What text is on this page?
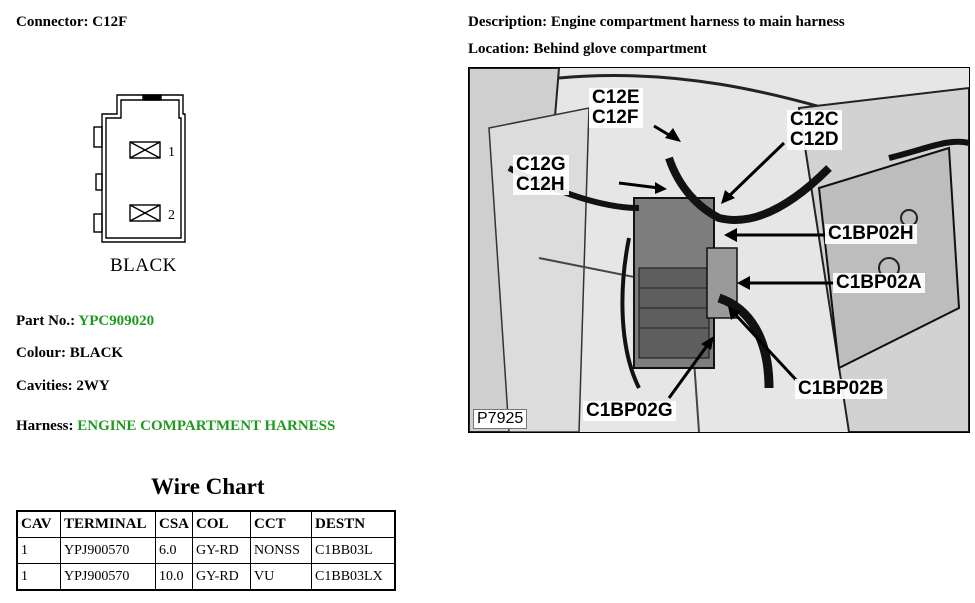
Connector: C12F
1
2
BLACK
Part No.: YPC909020
Colour: BLACK
Cavities: 2WY
Harness: ENGINE COMPARTMENT HARNESS
Wire Chart
CAV	TERMINAL	CSA	COL	CCT	DESTN
1	YPJ900570	6.0	GY-RD	NONSS	C1BB03L
1	YPJ900570	10.0	GY-RD	VU	C1BB03LX
Description: Engine compartment harness to main harness
Location: Behind glove compartment
C12E
C12F	C12C
C12D
C12G
C12H
C1BP02H
C1BP02A
C1BP02B
C1BP02G
P7925
